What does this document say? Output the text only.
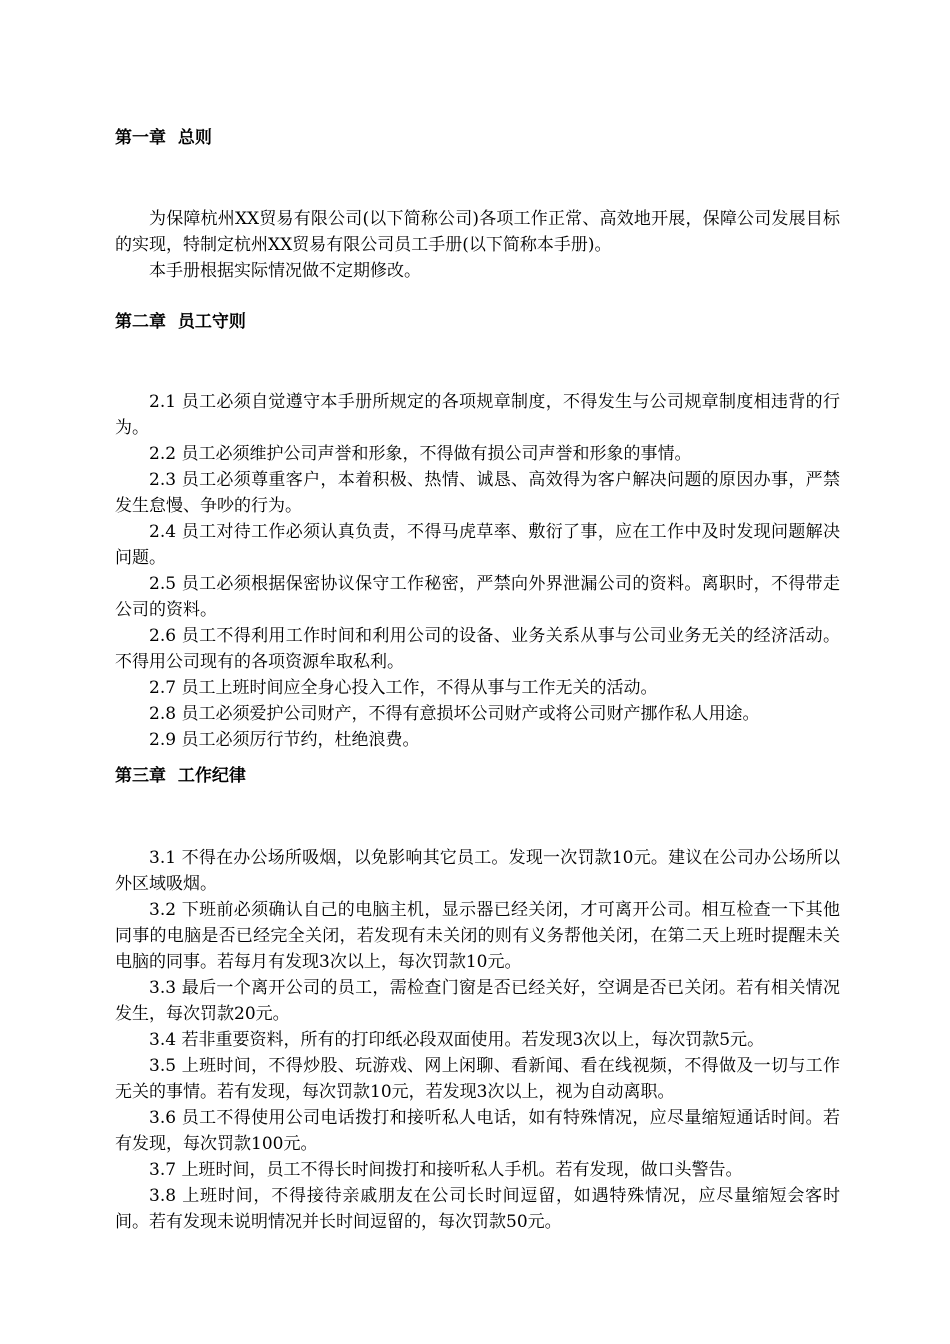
第一章  总则

为保障杭州XX贸易有限公司(以下简称公司)各项工作正常、高效地开展，保障公司发展目标的实现，特制定杭州XX贸易有限公司员工手册(以下简称本手册)。

本手册根据实际情况做不定期修改。

第二章  员工守则

2.1 员工必须自觉遵守本手册所规定的各项规章制度，不得发生与公司规章制度相违背的行为。

2.2 员工必须维护公司声誉和形象，不得做有损公司声誉和形象的事情。

2.3 员工必须尊重客户，本着积极、热情、诚恳、高效得为客户解决问题的原因办事，严禁发生怠慢、争吵的行为。

2.4 员工对待工作必须认真负责，不得马虎草率、敷衍了事，应在工作中及时发现问题解决问题。

2.5 员工必须根据保密协议保守工作秘密，严禁向外界泄漏公司的资料。离职时，不得带走公司的资料。

2.6 员工不得利用工作时间和利用公司的设备、业务关系从事与公司业务无关的经济活动。不得用公司现有的各项资源牟取私利。

2.7 员工上班时间应全身心投入工作，不得从事与工作无关的活动。

2.8 员工必须爱护公司财产，不得有意损坏公司财产或将公司财产挪作私人用途。

2.9 员工必须厉行节约，杜绝浪费。

第三章  工作纪律

3.1 不得在办公场所吸烟，以免影响其它员工。发现一次罚款10元。建议在公司办公场所以外区域吸烟。

3.2 下班前必须确认自己的电脑主机，显示器已经关闭，才可离开公司。相互检查一下其他同事的电脑是否已经完全关闭，若发现有未关闭的则有义务帮他关闭，在第二天上班时提醒未关电脑的同事。若每月有发现3次以上，每次罚款10元。

3.3 最后一个离开公司的员工，需检查门窗是否已经关好，空调是否已关闭。若有相关情况发生，每次罚款20元。

3.4 若非重要资料，所有的打印纸必段双面使用。若发现3次以上，每次罚款5元。

3.5 上班时间，不得炒股、玩游戏、网上闲聊、看新闻、看在线视频，不得做及一切与工作无关的事情。若有发现，每次罚款10元，若发现3次以上，视为自动离职。

3.6 员工不得使用公司电话拨打和接听私人电话，如有特殊情况，应尽量缩短通话时间。若有发现，每次罚款100元。

3.7 上班时间，员工不得长时间拨打和接听私人手机。若有发现，做口头警告。

3.8 上班时间，不得接待亲戚朋友在公司长时间逗留，如遇特殊情况，应尽量缩短会客时间。若有发现未说明情况并长时间逗留的，每次罚款50元。
